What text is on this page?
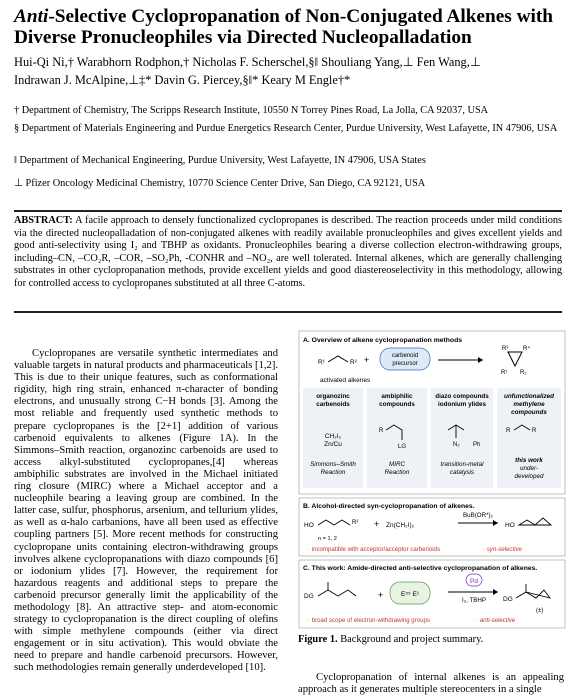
Anti-Selective Cyclopropanation of Non-Conjugated Alkenes with Diverse Pronucleophiles via Directed Nucleopalladation
Hui-Qi Ni,† Warabhorn Rodphon,† Nicholas F. Scherschel,§‖ Shouliang Yang,⊥ Fen Wang,⊥
Indrawan J. McAlpine,⊥‡* Davin G. Piercey,§‖* Keary M Engle†*
† Department of Chemistry, The Scripps Research Institute, 10550 N Torrey Pines Road, La Jolla, CA 92037, USA
§ Department of Materials Engineering and Purdue Energetics Research Center, Purdue University, West Lafayette, IN 47906, USA
‖ Department of Mechanical Engineering, Purdue University, West Lafayette, IN 47906, USA States
⊥ Pfizer Oncology Medicinal Chemistry, 10770 Science Center Drive, San Diego, CA 92121, USA
ABSTRACT: A facile approach to densely functionalized cyclopropanes is described. The reaction proceeds under mild conditions via the directed nucleopalladation of non-conjugated alkenes with readily available pronucleophiles and gives excellent yields and good anti-selectivity using I₂ and TBHP as oxidants. Pronucleophiles bearing a diverse collection electron-withdrawing groups, including–CN, –CO₂R, –COR, –SO₂Ph, -CONHR and –NO₂, are well tolerated. Internal alkenes, which are generally challenging substrates in other cyclopropanation methods, provide excellent yields and good diastereoselectivity in this methodology, allowing for controlled access to cyclopropanes substituted at all three C-atoms.
Cyclopropanes are versatile synthetic intermediates and valuable targets in natural products and pharmaceuticals [1,2]. This is due to their unique features, such as conformational rigidity, high ring strain, enhanced π-character of bonding electrons, and unusually strong C−H bonds [3]. Among the most reliable and frequently used synthetic methods to prepare cyclopropanes is the [2+1] addition of various carbenoid equivalents to alkenes (Figure 1A). In the Simmons–Smith reaction, organozinc carbenoids are used to access alkyl-substituted cyclopropanes,[4] whereas ambiphilic substrates are involved in the Michael initiated ring closure (MIRC) where a Michael acceptor and a nucleophile bearing a leaving group are combined. In the latter case, sulfur, phosphorus, arsenium, and tellurium ylides, as well as α-halo carbanions, have all been used as effective coupling partners [5]. More recent methods for constructing cyclopropane units containing electron-withdrawing groups involves alkene cyclopropanations with diazo compounds [6] or iodonium ylides [7]. However, the requirement for hazardous reagents and additional steps to prepare the carbenoid precursor generally limit the applicability of the methodology [8]. An attractive step- and atom-economic strategy to cyclopropanation is the direct coupling of olefins with simple methylene compounds (either via direct engagement or in situ activation). This would obviate the need to prepare and handle carbenoid precursors. However, such methodologies remain generally underdeveloped [10].
A. Overview of alkene cyclopropanation methods
R¹	R² +	carbenoid
precursor
R³ R⁴
R¹ R₂
activated alkenes
organozinc
carbenoids
ambiphilic
compounds
diazo compounds
iodonium ylides
unfunctionalized
methylene
compounds
CH₂I₂
Zn/Cu
R
LG	N₂ Ph
R	R
Simmons–Smith
Reaction
MIRC
Reaction
transition-metal
catalysis
this work
under-
developed
B. Alcohol-directed syn-cyclopropanation of alkenes.
HO	R² + Zn(CH₂I)₂
BuB(OR*)₂
HO
n = 1, 2
· incompatible with acceptor/acceptor carbenoids	· syn-selective
C. This work: Amide-directed anti-selective cyclopropanation of alkenes.
DG	+	E⁵⁵ E¹
Pd
I₂, TBHP	DG
(±)
· broad scope of electron-withdrawing groups	· anti-selective
Figure 1. Background and project summary.
Cyclopropanation of internal alkenes is an appealing approach as it generates multiple stereocenters in a single
